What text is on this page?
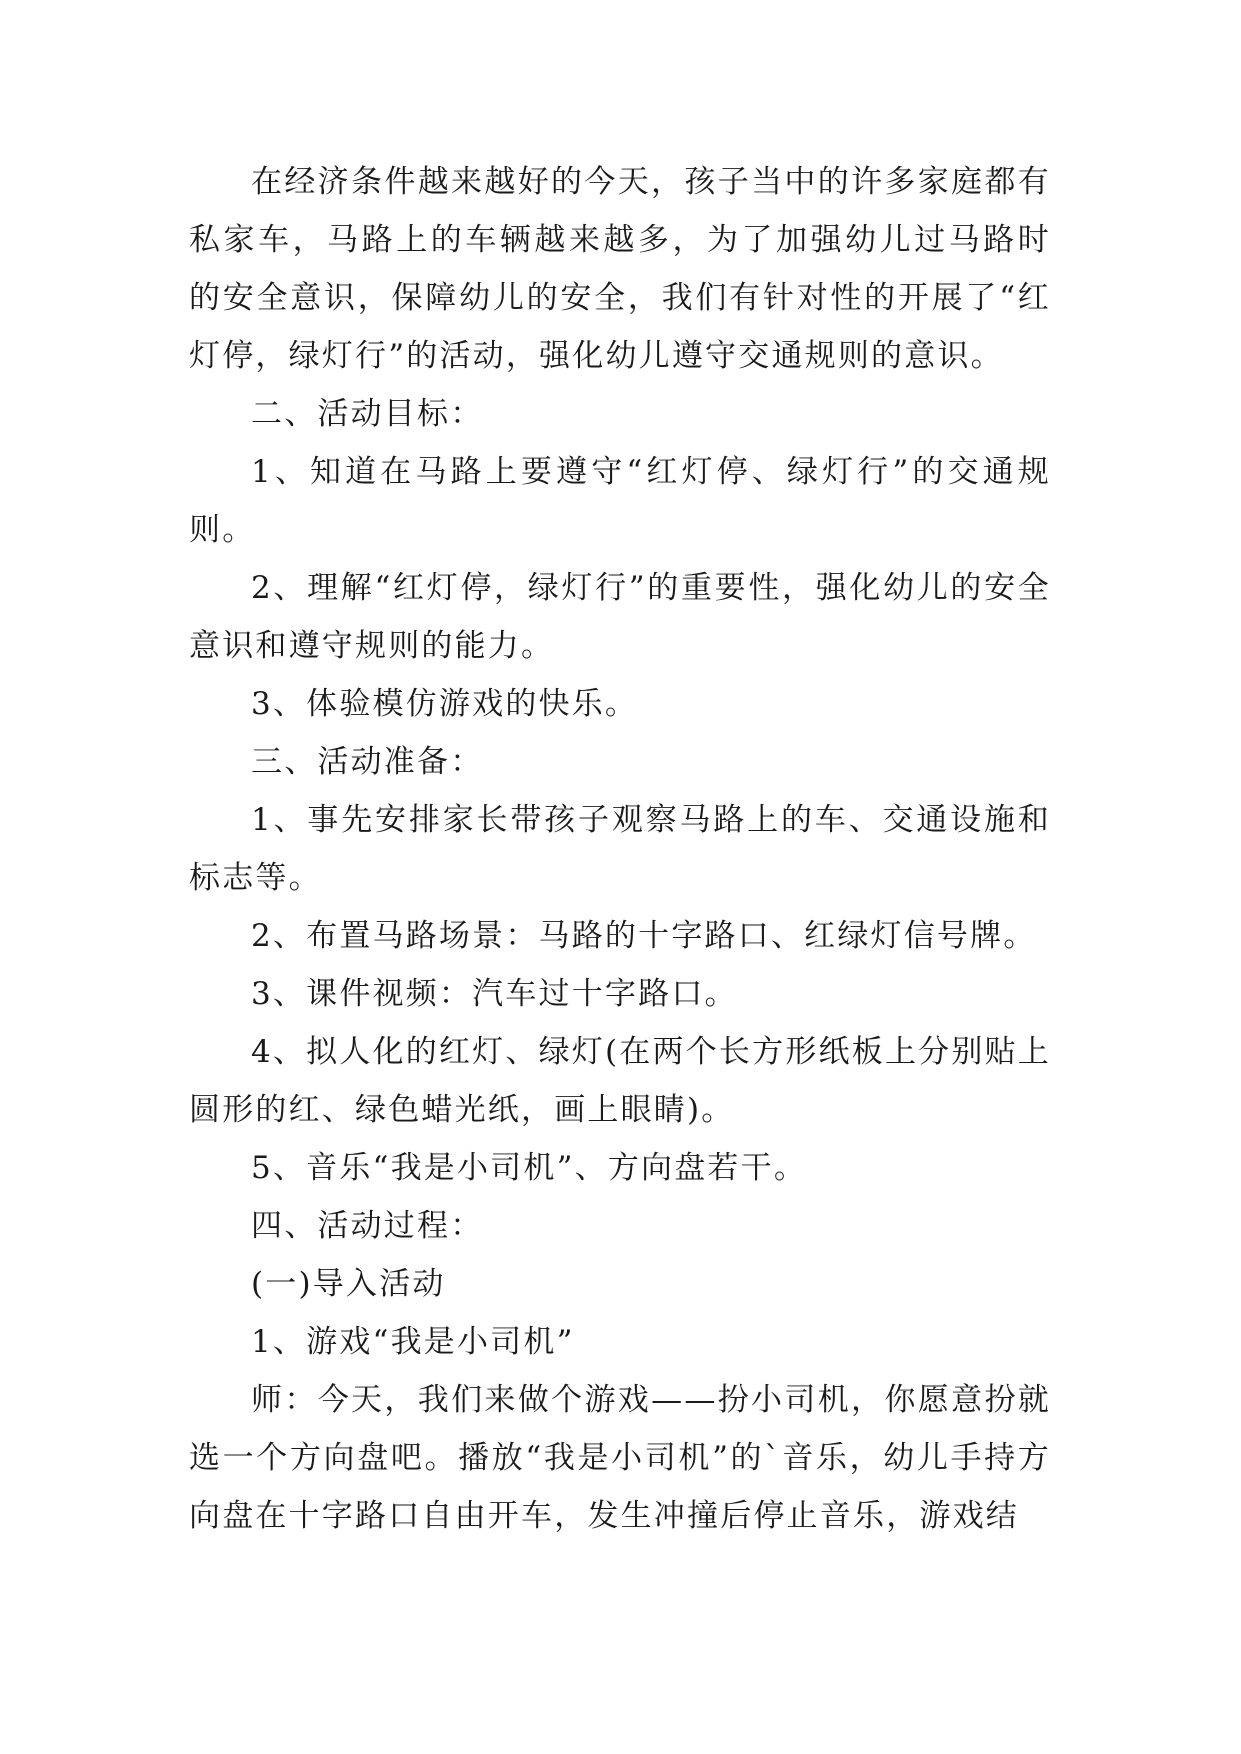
在经济条件越来越好的今天，孩子当中的许多家庭都有私家车，马路上的车辆越来越多，为了加强幼儿过马路时的安全意识，保障幼儿的安全，我们有针对性的开展了“红灯停，绿灯行”的活动，强化幼儿遵守交通规则的意识。

二、活动目标：

1、知道在马路上要遵守“红灯停、绿灯行”的交通规则。

2、理解“红灯停，绿灯行”的重要性，强化幼儿的安全意识和遵守规则的能力。

3、体验模仿游戏的快乐。

三、活动准备：

1、事先安排家长带孩子观察马路上的车、交通设施和标志等。

2、布置马路场景：马路的十字路口、红绿灯信号牌。

3、课件视频：汽车过十字路口。

4、拟人化的红灯、绿灯(在两个长方形纸板上分别贴上圆形的红、绿色蜡光纸，画上眼睛)。

5、音乐“我是小司机”、方向盘若干。

四、活动过程：

(一)导入活动

1、游戏“我是小司机”

师：今天，我们来做个游戏——扮小司机，你愿意扮就选一个方向盘吧。播放“我是小司机”的`音乐，幼儿手持方向盘在十字路口自由开车，发生冲撞后停止音乐，游戏结
